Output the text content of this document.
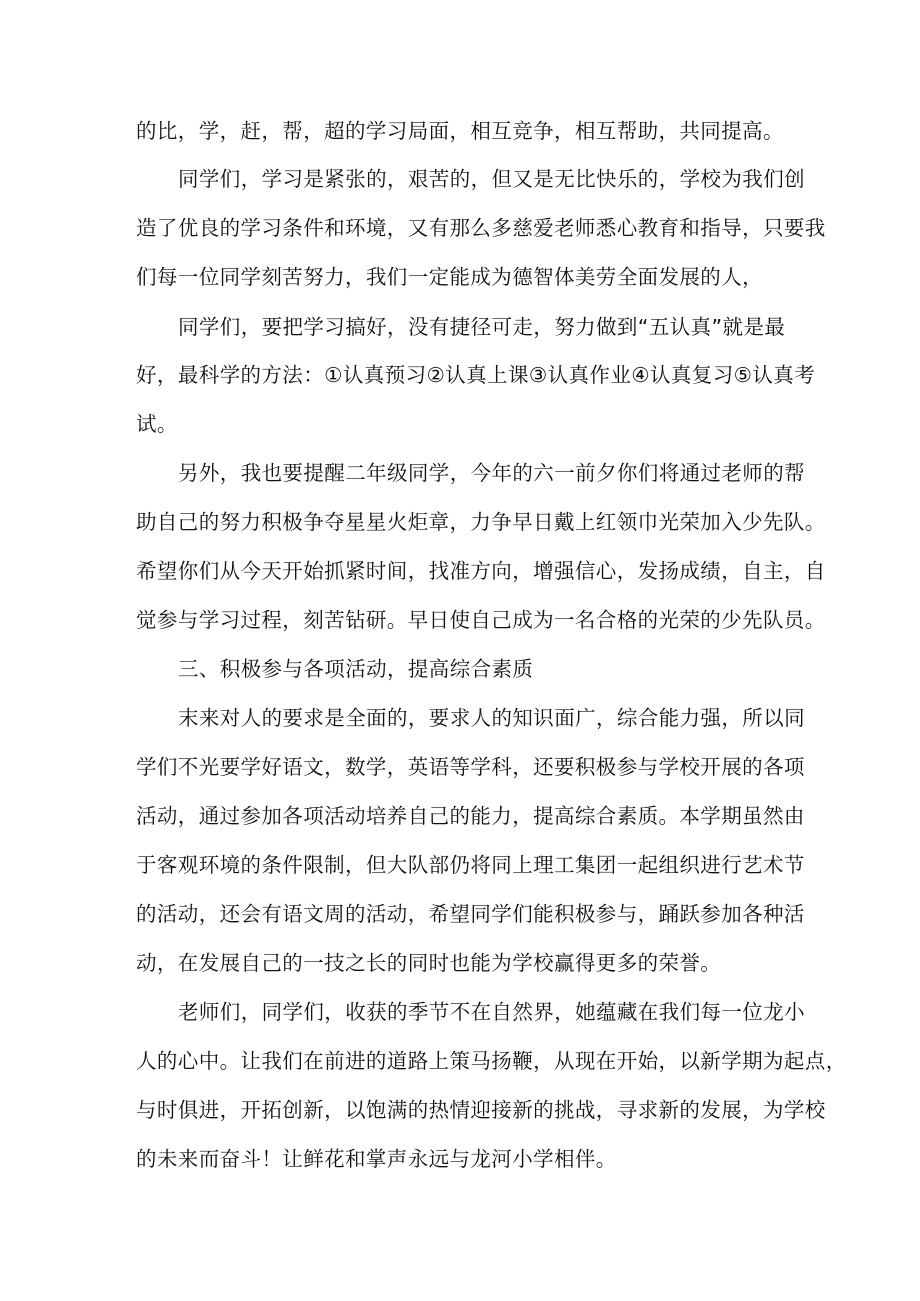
的比，学，赶，帮，超的学习局面，相互竞争，相互帮助，共同提高。
同学们，学习是紧张的，艰苦的，但又是无比快乐的，学校为我们创
造了优良的学习条件和环境，又有那么多慈爱老师悉心教育和指导，只要我
们每一位同学刻苦努力，我们一定能成为德智体美劳全面发展的人，
同学们，要把学习搞好，没有捷径可走，努力做到“五认真”就是最
好，最科学的方法：①认真预习②认真上课③认真作业④认真复习⑤认真考
试。
另外，我也要提醒二年级同学，今年的六一前夕你们将通过老师的帮
助自己的努力积极争夺星星火炬章，力争早日戴上红领巾光荣加入少先队。
希望你们从今天开始抓紧时间，找准方向，增强信心，发扬成绩，自主，自
觉参与学习过程，刻苦钻研。早日使自己成为一名合格的光荣的少先队员。
三、积极参与各项活动，提高综合素质
末来对人的要求是全面的，要求人的知识面广，综合能力强，所以同
学们不光要学好语文，数学，英语等学科，还要积极参与学校开展的各项
活动，通过参加各项活动培养自己的能力，提高综合素质。本学期虽然由
于客观环境的条件限制，但大队部仍将同上理工集团一起组织进行艺术节
的活动，还会有语文周的活动，希望同学们能积极参与，踊跃参加各种活
动，在发展自己的一技之长的同时也能为学校赢得更多的荣誉。
老师们，同学们，收获的季节不在自然界，她蕴藏在我们每一位龙小
人的心中。让我们在前进的道路上策马扬鞭，从现在开始，以新学期为起点，
与时俱进，开拓创新，以饱满的热情迎接新的挑战，寻求新的发展，为学校
的未来而奋斗！让鲜花和掌声永远与龙河小学相伴。
